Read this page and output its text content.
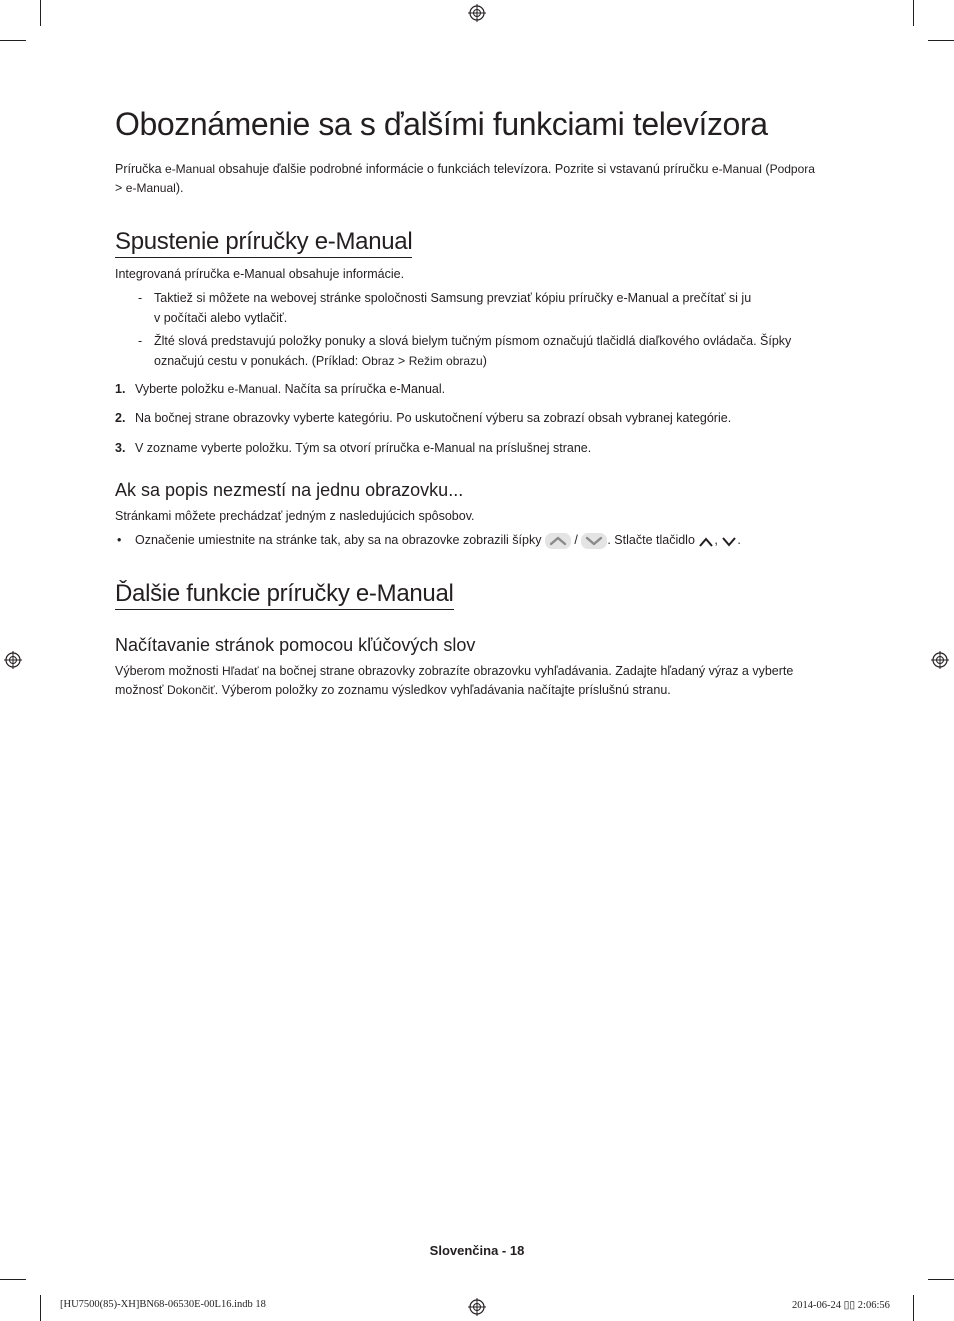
Oboznámenie sa s ďalšími funkciami televízora

Príručka e-Manual obsahuje ďalšie podrobné informácie o funkciách televízora. Pozrite si vstavanú príručku e-Manual (Podpora

> e-Manual).

Spustenie príručky e-Manual

Integrovaná príručka e-Manual obsahuje informácie.

- Taktiež si môžete na webovej stránke spoločnosti Samsung prevziať kópiu príručky e-Manual a prečítať si ju

v počítači alebo vytlačiť.

- Žlté slová predstavujú položky ponuky a slová bielym tučným písmom označujú tlačidlá diaľkového ovládača. Šípky

označujú cestu v ponukách. (Príklad: Obraz > Režim obrazu)

1. Vyberte položku e-Manual. Načíta sa príručka e-Manual.

2. Na bočnej strane obrazovky vyberte kategóriu. Po uskutočnení výberu sa zobrazí obsah vybranej kategórie.

3. V zozname vyberte položku. Tým sa otvorí príručka e-Manual na príslušnej strane.

Ak sa popis nezmestí na jednu obrazovku...

Stránkami môžete prechádzať jedným z nasledujúcich spôsobov.

• Označenie umiestnite na stránke tak, aby sa na obrazovke zobrazili šípky  / . Stlačte tlačidlo , .

Ďalšie funkcie príručky e-Manual
Načítavanie stránok pomocou kľúčových slov

Výberom možnosti Hľadať na bočnej strane obrazovky zobrazíte obrazovku vyhľadávania. Zadajte hľadaný výraz a vyberte

možnosť Dokončiť. Výberom položky zo zoznamu výsledkov vyhľadávania načítajte príslušnú stranu.

Slovenčina - 18
[HU7500(85)-XH]BN68-06530E-00L16.indb 18	2014-06-24 ▯▯ 2:06:56
